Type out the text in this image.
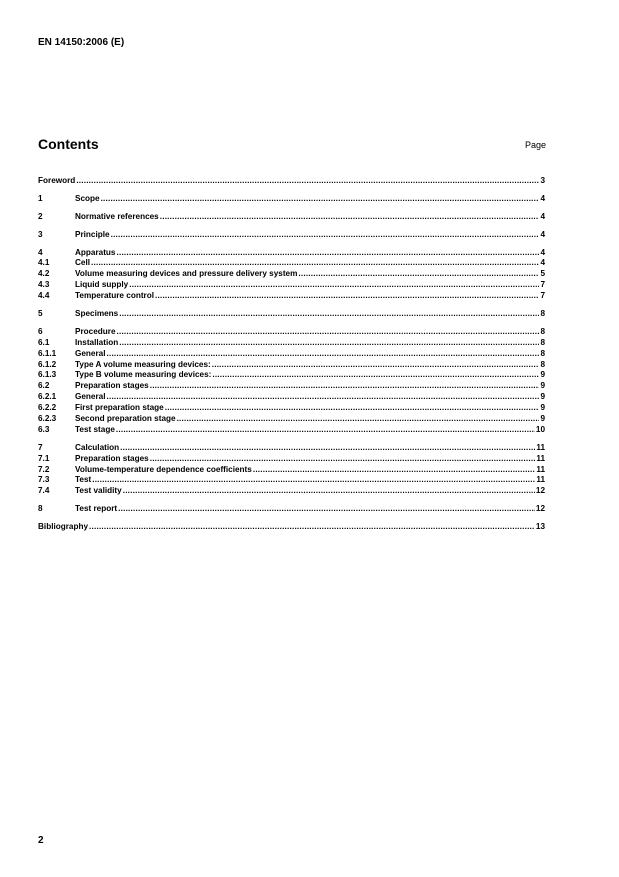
EN 14150:2006 (E)
Contents	Page
Foreword .....	3
1	Scope .....	4
2	Normative references .....	4
3	Principle .....	4
4	Apparatus .....	4
4.1	Cell .....	4
4.2	Volume measuring devices and pressure delivery system .....	5
4.3	Liquid supply .....	7
4.4	Temperature control .....	7
5	Specimens .....	8
6	Procedure .....	8
6.1	Installation .....	8
6.1.1	General .....	8
6.1.2	Type A volume measuring devices: .....	8
6.1.3	Type B volume measuring devices: .....	9
6.2	Preparation stages .....	9
6.2.1	General .....	9
6.2.2	First preparation stage .....	9
6.2.3	Second preparation stage .....	9
6.3	Test stage .....	10
7	Calculation .....	11
7.1	Preparation stages .....	11
7.2	Volume-temperature dependence coefficients .....	11
7.3	Test .....	11
7.4	Test validity .....	12
8	Test report .....	12
Bibliography .....	13
2
